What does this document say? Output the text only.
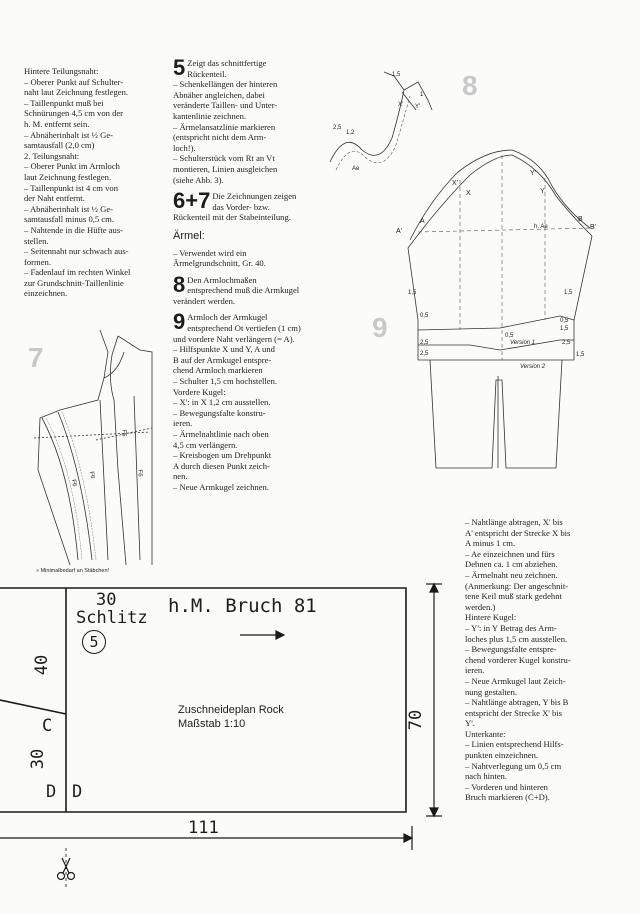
Hintere Teilungsnaht:
– Oberer Punkt auf Schulter-
naht laut Zeichnung festlegen.
– Taillenpunkt muß bei
Schnürungen 4,5 cm von der
h. M. entfernt sein.
– Abnäherinhalt ist ½ Ge-
samtausfall (2,0 cm)
2. Teilungsnaht:
– Oberer Punkt im Armloch
laut Zeichnung festlegen.
– Taillenpunkt ist 4 cm von
der Naht entfernt.
– Abnäherinhalt ist ½ Ge-
samtausfall minus 0,5 cm.
– Nahtende in die Hüfte aus-
stellen.
– Seitennaht nur schwach aus-
formen.
– Fadenlauf im rechten Winkel
zur Grundschnitt-Taillenlinie
einzeichnen.

5 Zeigt das schnittfertige Rückenteil.

– Schenkellängen der hinteren
Abnäher angleichen, dabei
veränderte Taillen- und Unter-
kantenlinie zeichnen.
– Ärmelansatzlinie markieren
(entspricht nicht dem Arm-
loch!).
– Schulterstück vom Rt an Vt
montieren, Linien ausgleichen
(siehe Abb. 3).

6+7 Die Zeichnungen zeigen das Vorder- bzw. Rückenteil mit der Stabeinteilung.

Ärmel:

– Verwendet wird ein Ärmelgrundschnitt, Gr. 40.

8 Den Armlochmaßen entsprechend muß die Armkugel verändert werden.

9 Armloch der Armkugel entsprechend Ot vertiefen (1 cm) und vordere Naht verlängern (= A).

– Hilfspunkte X und Y, A und
B auf der Armkugel entspre-
chend Armloch markieren
– Schulter 1,5 cm hochstellen.
Vordere Kugel:
– X': in X 1,2 cm ausstellen.
– Bewegungsfalte konstru-
ieren.
– Ärmelnahtlinie nach oben
4,5 cm verlängern.
– Kreisbogen um Drehpunkt
A durch diesen Punkt zeich-
nen.
– Neue Armkugel zeichnen.
– Nahtlänge abtragen, X' bis
A' entspricht der Strecke X bis
A minus 1 cm.
– Ae einzeichnen und fürs
Dehnen ca. 1 cm abziehen.
– Ärmelnaht neu zeichnen.
(Anmerkung: Der angeschnit-
tene Keil muß stark gedehnt
werden.)
Hintere Kugel:
– Y': in Y Betrag des Arm-
loches plus 1,5 cm ausstellen.
– Bewegungsfalte entspre-
chend vorderer Kugel konstru-
ieren.
– Neue Armkugel laut Zeich-
nung gestalten.
– Nahtlänge abtragen, Y bis B
entspricht der Strecke X' bis
Y'.
Unterkante:
– Linien entsprechend Hilfs-
punkten einzeichnen.
– Nahtverlegung um 0,5 cm
nach hinten.
– Vorderen und hinteren
Bruch markieren (C+D).
7
F6
F6
F6
F6
» Minimalbedarf an Stäbchen!
8
2,5
1,5
X' Y'
Ae
1,2
1
9
X'
Y'
X	Y
A	B
A'
B'
h. Ae
2,5
2,5
2,5
1,5
1,5	1,5
0,5
0,5
0,5
Version 1
Version 2
1,5
30
Schlitz
5
h.M. Bruch 81
Zuschneideplan Rock
Maßstab 1:10
40
C
30
D D
111
70
